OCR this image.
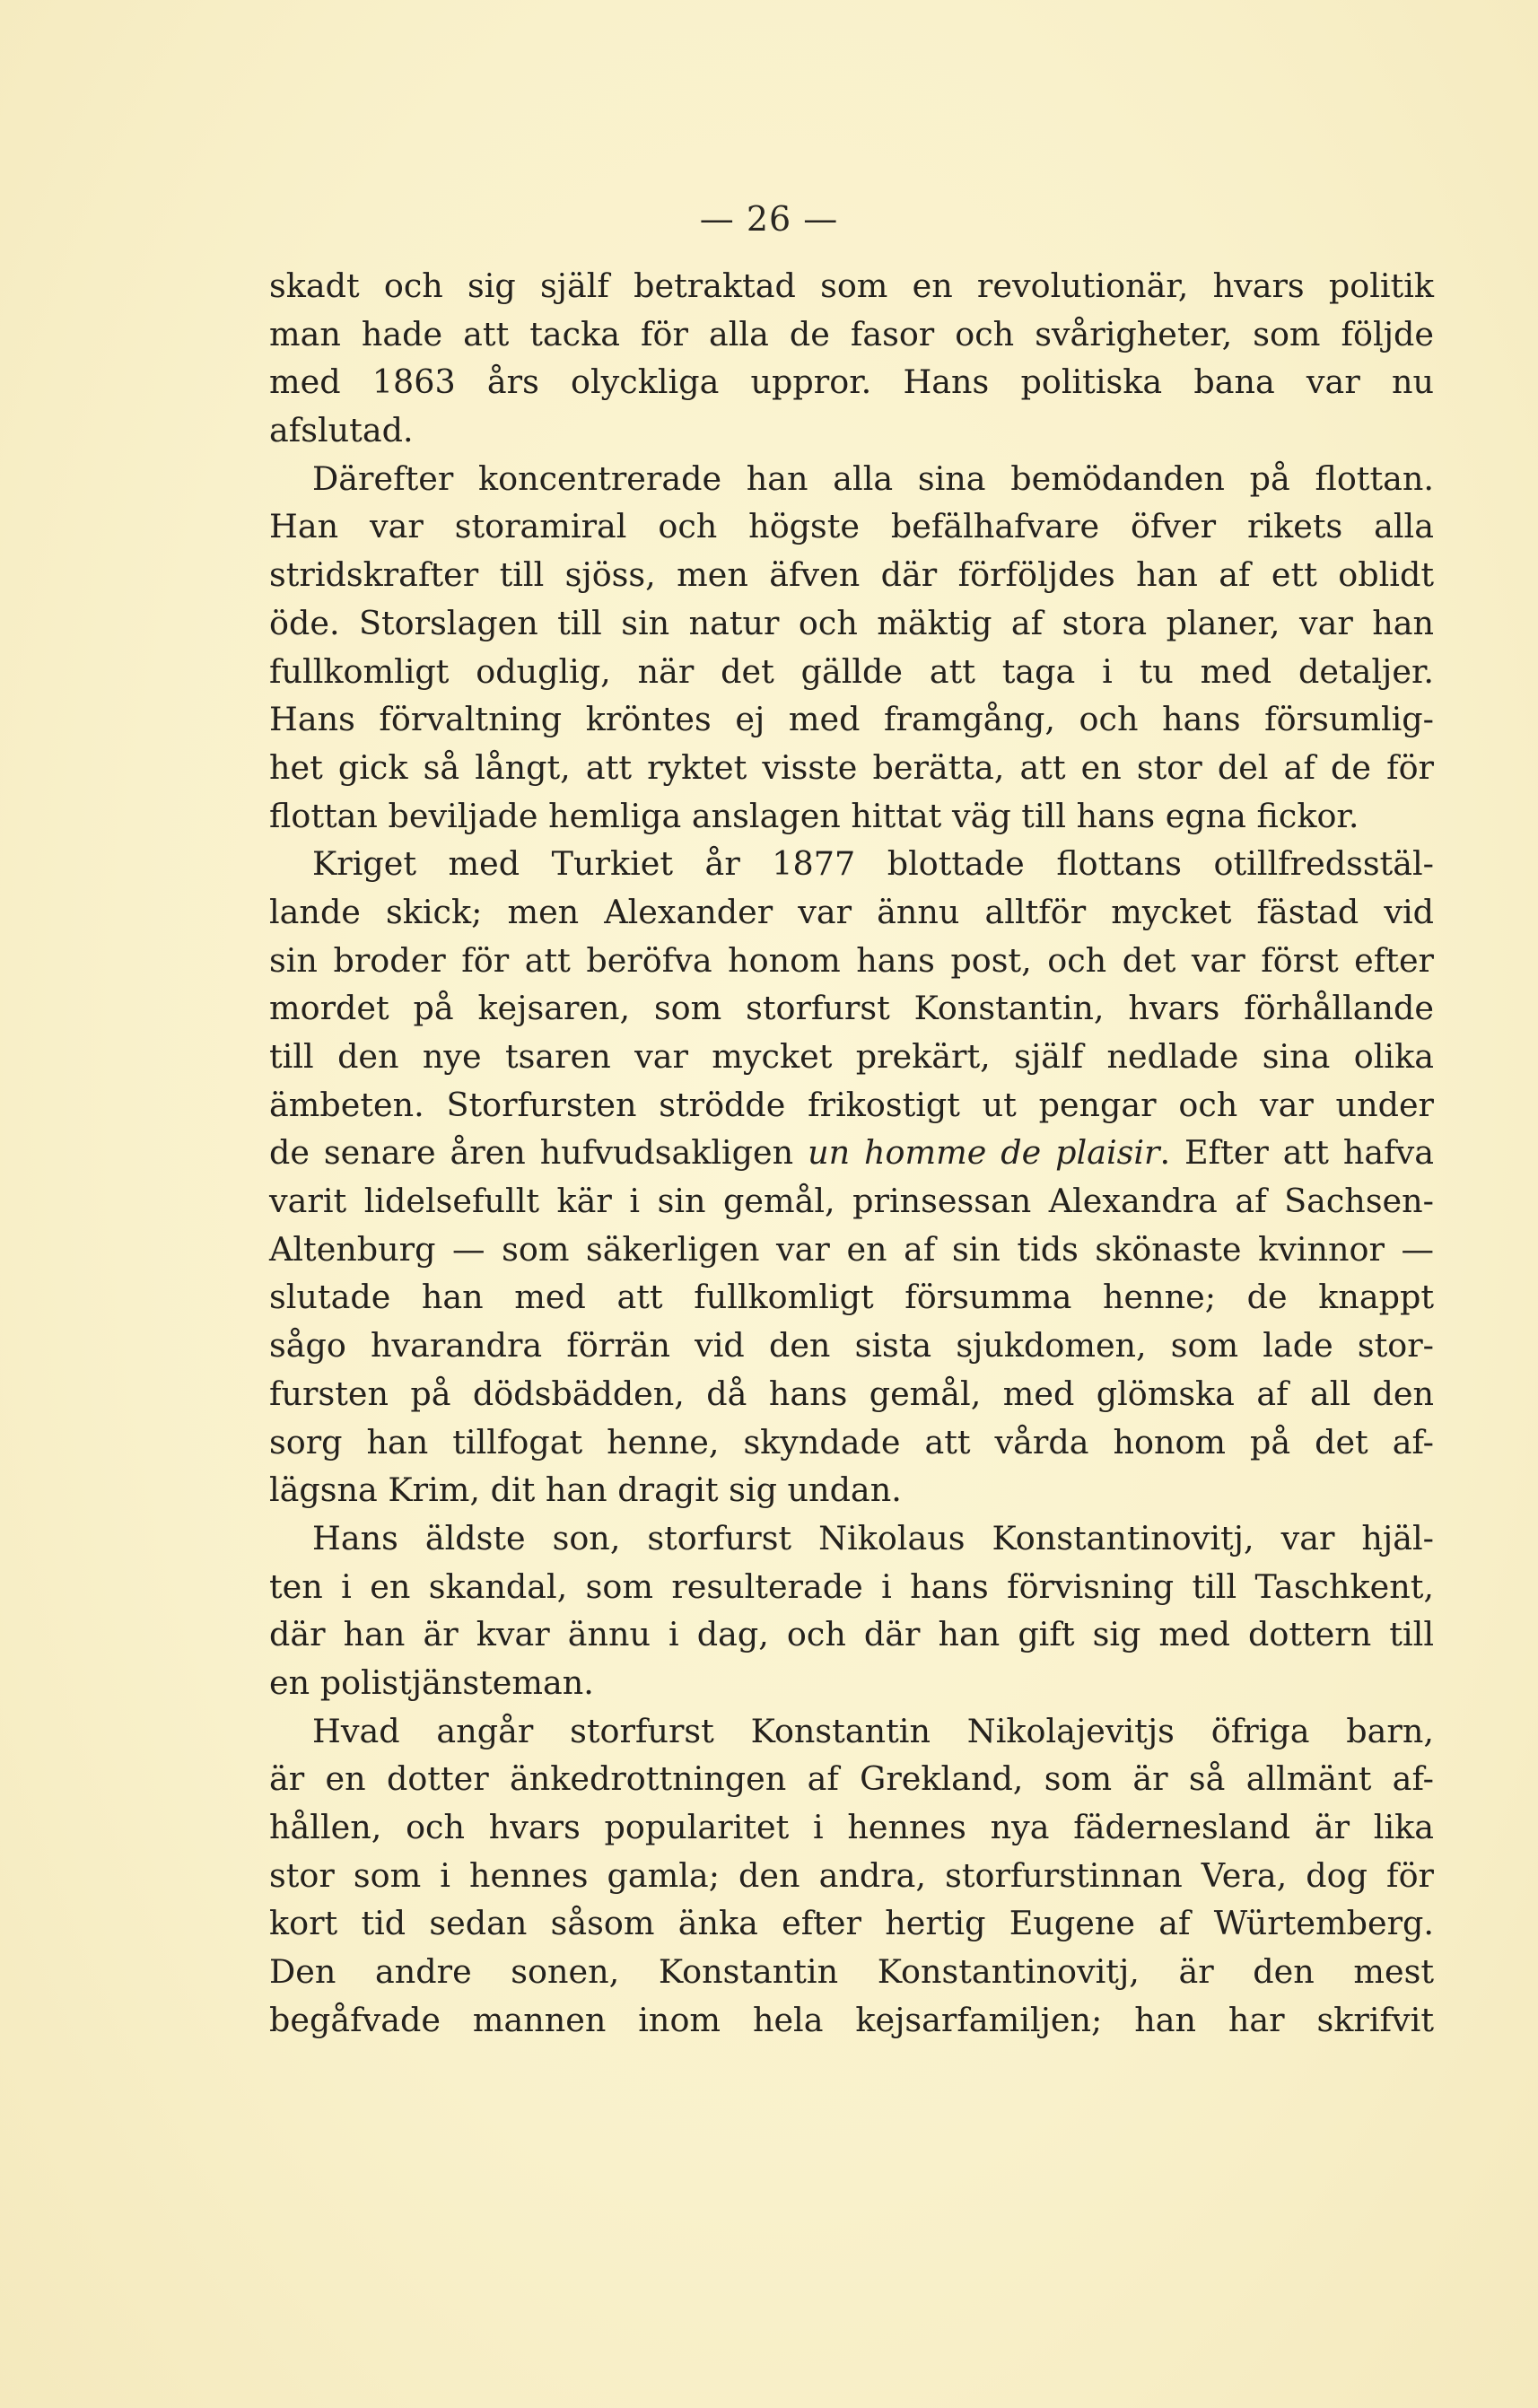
— 26 —
skadt och sig själf betraktad som en revolutionär, hvars politik
man hade att tacka för alla de fasor och svårigheter, som följde
med 1863 års olyckliga uppror. Hans politiska bana var nu
afslutad.
Därefter koncentrerade han alla sina bemödanden på flottan.
Han var storamiral och högste befälhafvare öfver rikets alla
stridskrafter till sjöss, men äfven där förföljdes han af ett oblidt
öde. Storslagen till sin natur och mäktig af stora planer, var han
fullkomligt oduglig, när det gällde att taga i tu med detaljer.
Hans förvaltning kröntes ej med framgång, och hans försumlig-
het gick så långt, att ryktet visste berätta, att en stor del af de för
flottan beviljade hemliga anslagen hittat väg till hans egna fickor.
Kriget med Turkiet år 1877 blottade flottans otillfredsstäl-
lande skick; men Alexander var ännu alltför mycket fästad vid
sin broder för att beröfva honom hans post, och det var först efter
mordet på kejsaren, som storfurst Konstantin, hvars förhållande
till den nye tsaren var mycket prekärt, själf nedlade sina olika
ämbeten. Storfursten strödde frikostigt ut pengar och var under
de senare åren hufvudsakligen un homme de plaisir. Efter att hafva
varit lidelsefullt kär i sin gemål, prinsessan Alexandra af Sachsen-
Altenburg — som säkerligen var en af sin tids skönaste kvinnor —
slutade han med att fullkomligt försumma henne; de knappt
sågo hvarandra förrän vid den sista sjukdomen, som lade stor-
fursten på dödsbädden, då hans gemål, med glömska af all den
sorg han tillfogat henne, skyndade att vårda honom på det af-
lägsna Krim, dit han dragit sig undan.
Hans äldste son, storfurst Nikolaus Konstantinovitj, var hjäl-
ten i en skandal, som resulterade i hans förvisning till Taschkent,
där han är kvar ännu i dag, och där han gift sig med dottern till
en polistjänsteman.
Hvad angår storfurst Konstantin Nikolajevitjs öfriga barn,
är en dotter änkedrottningen af Grekland, som är så allmänt af-
hållen, och hvars popularitet i hennes nya fädernesland är lika
stor som i hennes gamla; den andra, storfurstinnan Vera, dog för
kort tid sedan såsom änka efter hertig Eugene af Würtemberg.
Den andre sonen, Konstantin Konstantinovitj, är den mest
begåfvade mannen inom hela kejsarfamiljen; han har skrifvit
